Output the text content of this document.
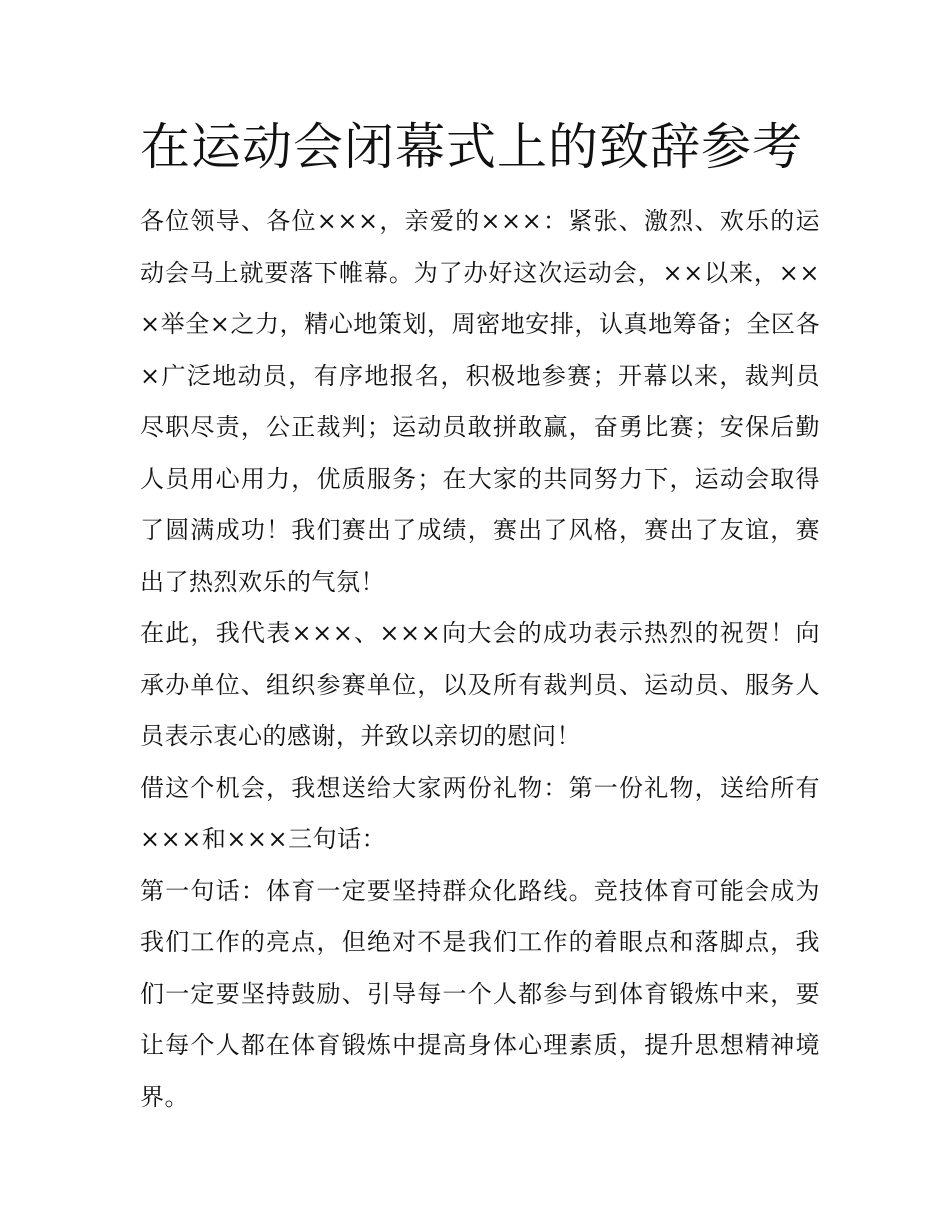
在运动会闭幕式上的致辞参考

各位领导、各位×××，亲爱的×××：紧张、激烈、欢乐的运动会马上就要落下帷幕。为了办好这次运动会，××以来，×××举全×之力，精心地策划，周密地安排，认真地筹备；全区各×广泛地动员，有序地报名，积极地参赛；开幕以来，裁判员尽职尽责，公正裁判；运动员敢拼敢赢，奋勇比赛；安保后勤人员用心用力，优质服务；在大家的共同努力下，运动会取得了圆满成功！我们赛出了成绩，赛出了风格，赛出了友谊，赛出了热烈欢乐的气氛！

在此，我代表×××、×××向大会的成功表示热烈的祝贺！向承办单位、组织参赛单位，以及所有裁判员、运动员、服务人员表示衷心的感谢，并致以亲切的慰问！

借这个机会，我想送给大家两份礼物：第一份礼物，送给所有×××和×××三句话：

第一句话：体育一定要坚持群众化路线。竞技体育可能会成为我们工作的亮点，但绝对不是我们工作的着眼点和落脚点，我们一定要坚持鼓励、引导每一个人都参与到体育锻炼中来，要让每个人都在体育锻炼中提高身体心理素质，提升思想精神境界。
